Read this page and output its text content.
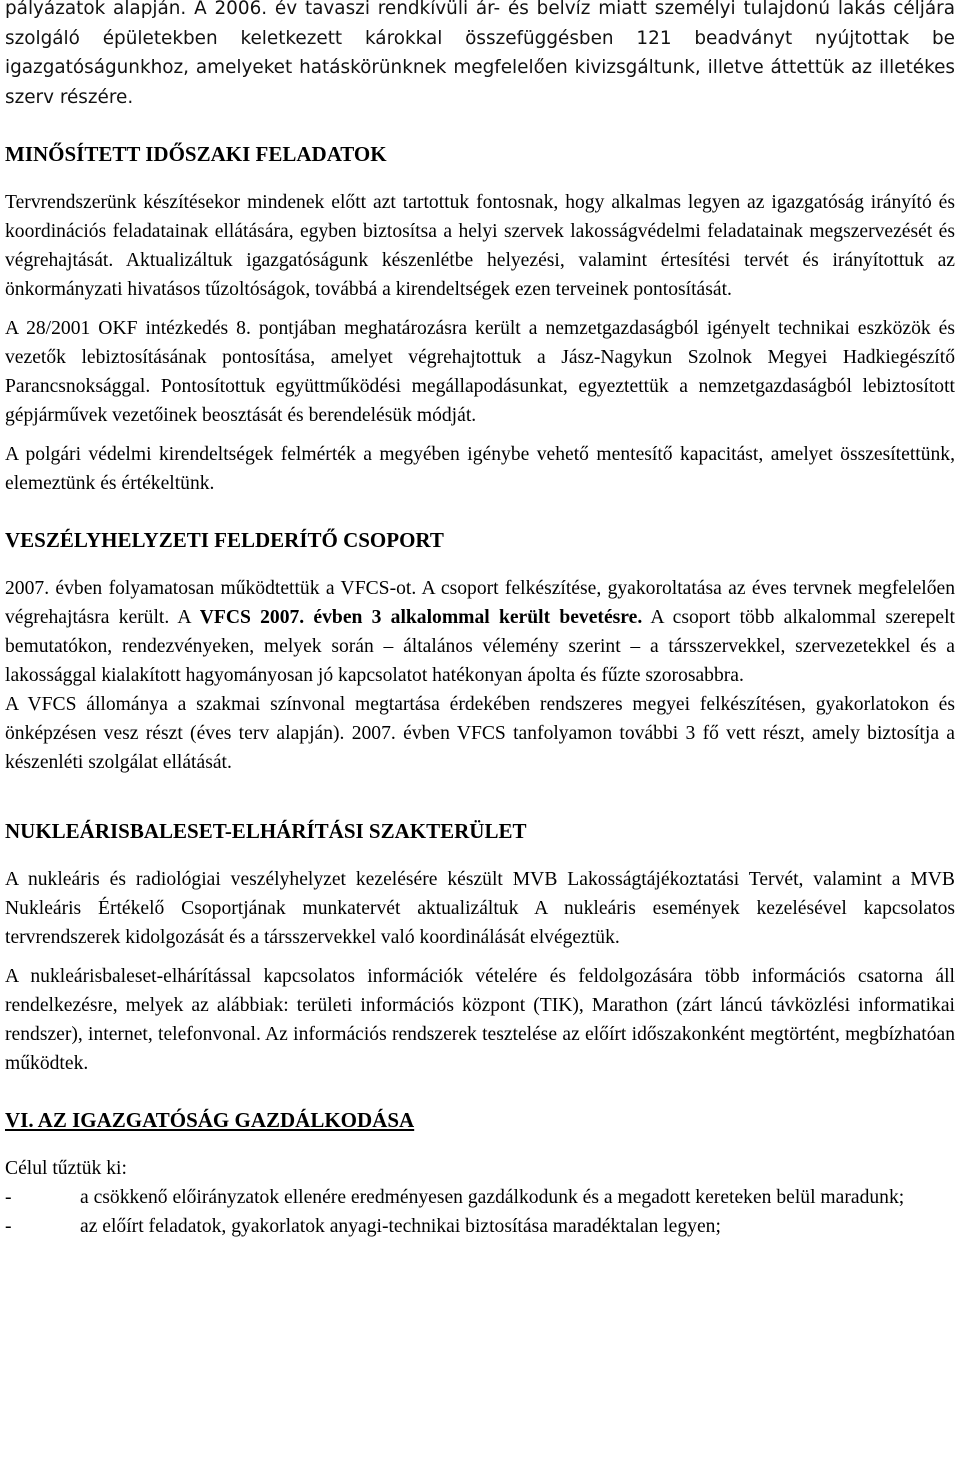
pályázatok alapján. A 2006. év tavaszi rendkívüli ár- és belvíz miatt személyi tulajdonú lakás céljára szolgáló épületekben keletkezett károkkal összefüggésben 121 beadványt nyújtottak be igazgatóságunkhoz, amelyeket hatáskörünknek megfelelően kivizsgáltunk, illetve áttettük az illetékes szerv részére.

MINŐSÍTETT IDŐSZAKI FELADATOK

Tervrendszerünk készítésekor mindenek előtt azt tartottuk fontosnak, hogy alkalmas legyen az igazgatóság irányító és koordinációs feladatainak ellátására, egyben biztosítsa a helyi szervek lakosságvédelmi feladatainak megszervezését és végrehajtását. Aktualizáltuk igazgatóságunk készenlétbe helyezési, valamint értesítési tervét és irányítottuk az önkormányzati hivatásos tűzoltóságok, továbbá a kirendeltségek ezen terveinek pontosítását.

A 28/2001 OKF intézkedés 8. pontjában meghatározásra került a nemzetgazdaságból igényelt technikai eszközök és vezetők lebiztosításának pontosítása, amelyet végrehajtottuk a Jász-Nagykun Szolnok Megyei Hadkiegészítő Parancsnoksággal. Pontosítottuk együttműködési megállapodásunkat, egyeztettük a nemzetgazdaságból lebiztosított gépjárművek vezetőinek beosztását és berendelésük módját.

A polgári védelmi kirendeltségek felmérték a megyében igénybe vehető mentesítő kapacitást, amelyet összesítettünk, elemeztünk és értékeltünk.

VESZÉLYHELYZETI FELDERÍTŐ CSOPORT

2007. évben folyamatosan működtettük a VFCS-ot. A csoport felkészítése, gyakoroltatása az éves tervnek megfelelően végrehajtásra került. A VFCS 2007. évben 3 alkalommal került bevetésre. A csoport több alkalommal szerepelt bemutatókon, rendezvényeken, melyek során – általános vélemény szerint – a társszervekkel, szervezetekkel és a lakossággal kialakított hagyományosan jó kapcsolatot hatékonyan ápolta és fűzte szorosabbra.

A VFCS állománya a szakmai színvonal megtartása érdekében rendszeres megyei felkészítésen, gyakorlatokon és önképzésen vesz részt (éves terv alapján). 2007. évben VFCS tanfolyamon további 3 fő vett részt, amely biztosítja a készenléti szolgálat ellátását.

NUKLEÁRISBALESET-ELHÁRÍTÁSI SZAKTERÜLET

A nukleáris és radiológiai veszélyhelyzet kezelésére készült MVB Lakosságtájékoztatási Tervét, valamint a MVB Nukleáris Értékelő Csoportjának munkatervét aktualizáltuk A nukleáris események kezelésével kapcsolatos tervrendszerek kidolgozását és a társszervekkel való koordinálását elvégeztük.

A nukleárisbaleset-elhárítással kapcsolatos információk vételére és feldolgozására több információs csatorna áll rendelkezésre, melyek az alábbiak: területi információs központ (TIK), Marathon (zárt láncú távközlési informatikai rendszer), internet, telefonvonal. Az információs rendszerek tesztelése az előírt időszakonként megtörtént, megbízhatóan működtek.

VI. AZ IGAZGATÓSÁG GAZDÁLKODÁSA

Célul tűztük ki:

-	a csökkenő előirányzatok ellenére eredményesen gazdálkodunk és a megadott kereteken belül maradunk;
-	az előírt feladatok, gyakorlatok anyagi-technikai biztosítása maradéktalan legyen;
